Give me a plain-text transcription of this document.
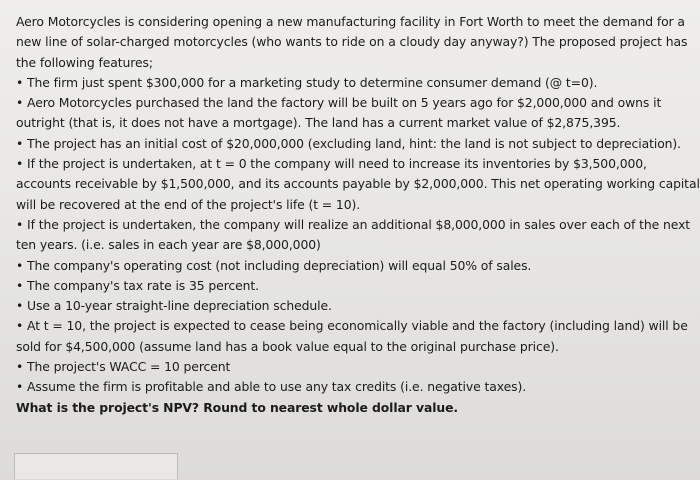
Aero Motorcycles is considering opening a new manufacturing facility in Fort Worth to meet the demand for a
new line of solar-charged motorcycles (who wants to ride on a cloudy day anyway?) The proposed project has
the following features;
• The firm just spent $300,000 for a marketing study to determine consumer demand (@ t=0).
• Aero Motorcycles purchased the land the factory will be built on 5 years ago for $2,000,000 and owns it
outright (that is, it does not have a mortgage). The land has a current market value of $2,875,395.
• The project has an initial cost of $20,000,000 (excluding land, hint: the land is not subject to depreciation).
• If the project is undertaken, at t = 0 the company will need to increase its inventories by $3,500,000,
accounts receivable by $1,500,000, and its accounts payable by $2,000,000. This net operating working capital
will be recovered at the end of the project's life (t = 10).
• If the project is undertaken, the company will realize an additional $8,000,000 in sales over each of the next
ten years. (i.e. sales in each year are $8,000,000)
• The company's operating cost (not including depreciation) will equal 50% of sales.
• The company's tax rate is 35 percent.
• Use a 10-year straight-line depreciation schedule.
• At t = 10, the project is expected to cease being economically viable and the factory (including land) will be
sold for $4,500,000 (assume land has a book value equal to the original purchase price).
• The project's WACC = 10 percent
• Assume the firm is profitable and able to use any tax credits (i.e. negative taxes).
What is the project's NPV? Round to nearest whole dollar value.
